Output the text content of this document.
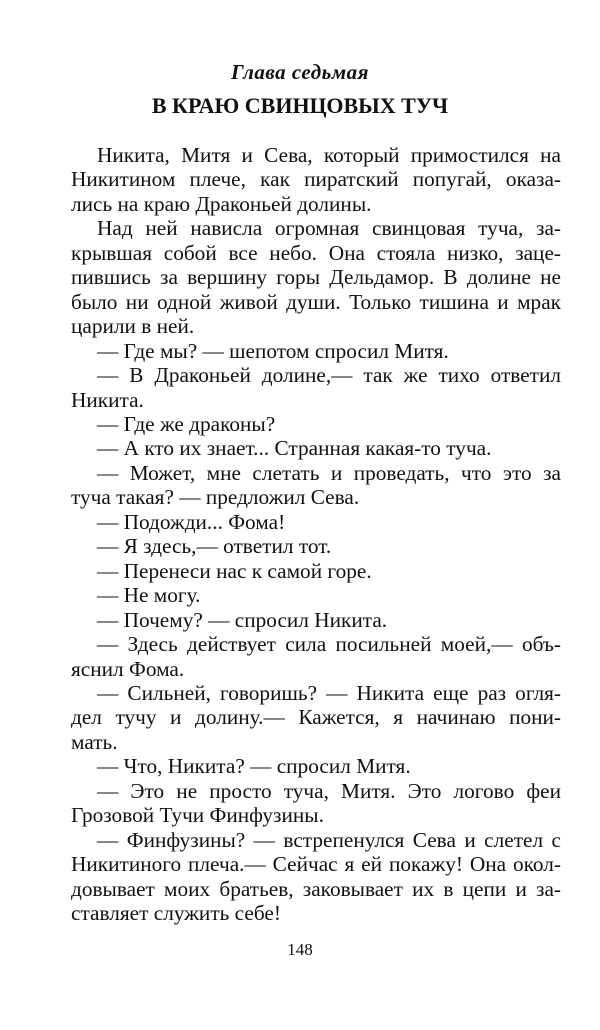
Глава седьмая
В КРАЮ СВИНЦОВЫХ ТУЧ
Никита, Митя и Сева, который примостился на
Никитином плече, как пиратский попугай, оказа-
лись на краю Драконьей долины.
Над ней нависла огромная свинцовая туча, за-
крывшая собой все небо. Она стояла низко, заце-
пившись за вершину горы Дельдамор. В долине не
было ни одной живой души. Только тишина и мрак
царили в ней.
— Где мы? — шепотом спросил Митя.
— В Драконьей долине,— так же тихо ответил
Никита.
— Где же драконы?
— А кто их знает... Странная какая-то туча.
— Может, мне слетать и проведать, что это за
туча такая? — предложил Сева.
— Подожди... Фома!
— Я здесь,— ответил тот.
— Перенеси нас к самой горе.
— Не могу.
— Почему? — спросил Никита.
— Здесь действует сила посильней моей,— объ-
яснил Фома.
— Сильней, говоришь? — Никита еще раз огля-
дел тучу и долину.— Кажется, я начинаю пони-
мать.
— Что, Никита? — спросил Митя.
— Это не просто туча, Митя. Это логово феи
Грозовой Тучи Финфузины.
— Финфузины? — встрепенулся Сева и слетел с
Никитиного плеча.— Сейчас я ей покажу! Она окол-
довывает моих братьев, заковывает их в цепи и за-
ставляет служить себе!
148
